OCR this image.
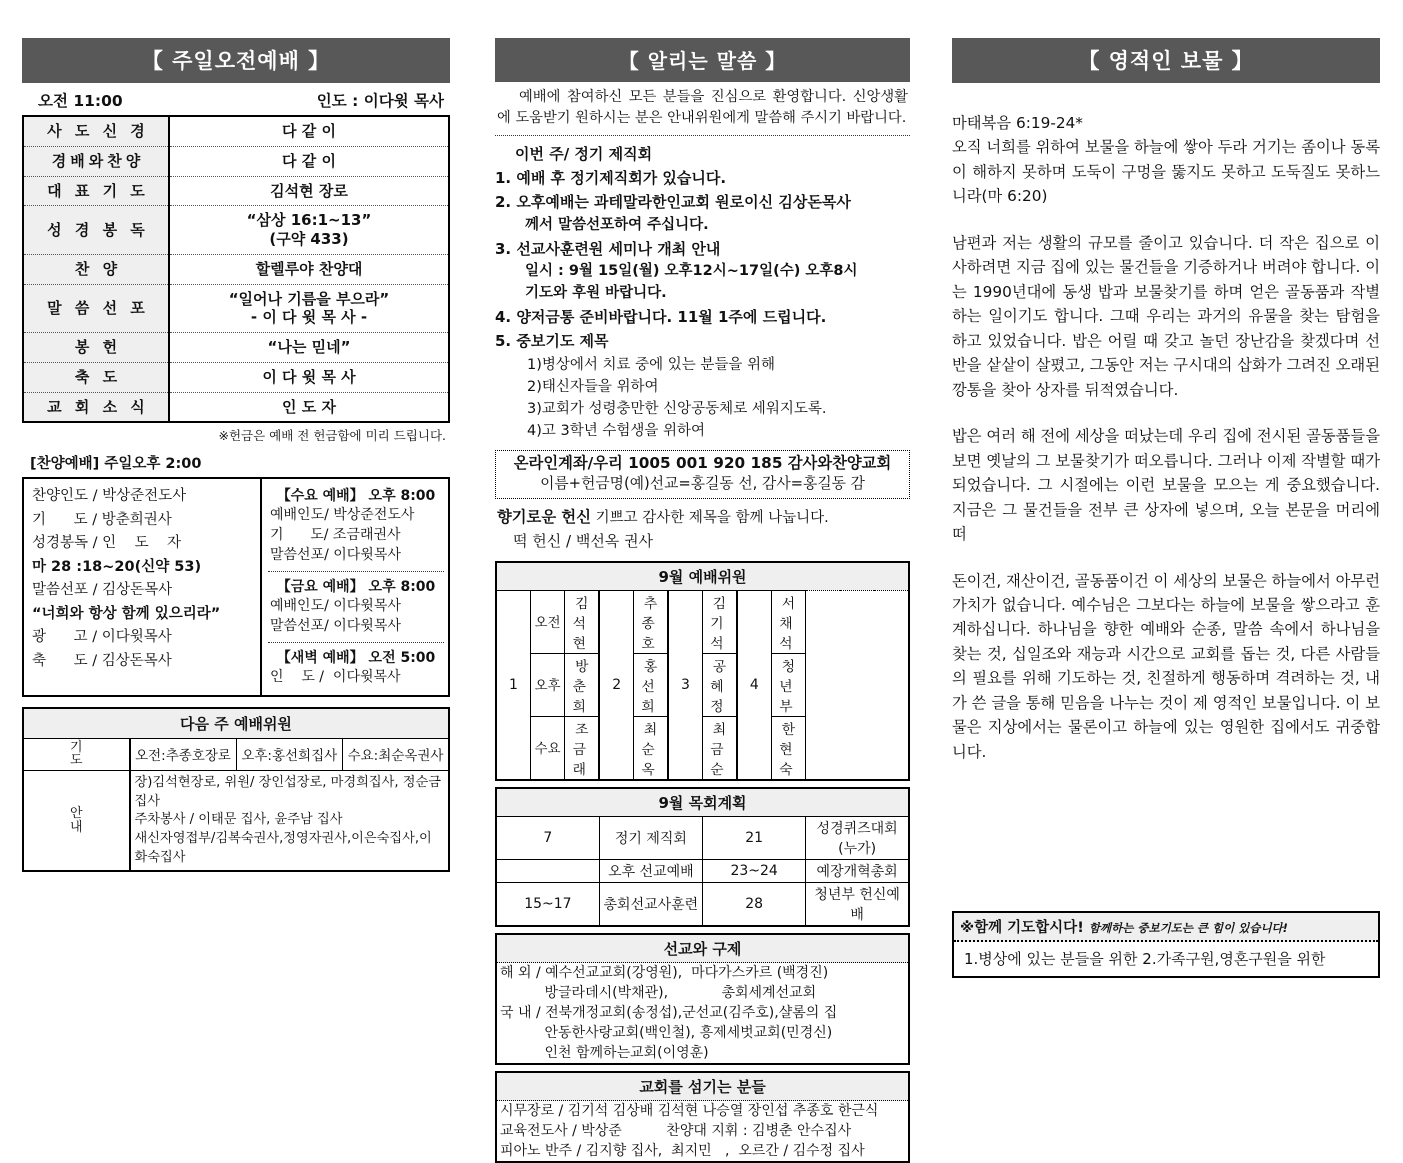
【 주일오전예배 】
오전 11:00	인도 : 이다윗 목사
사 도 신 경	다 같 이
경배와찬양	다 같 이
대 표 기 도	김석현 장로
성 경 봉 독	“삼상 16:1~13”
(구약 433)
찬 양	할렐루야 찬양대
말 씀 선 포	“일어나 기름을 부으라”
- 이 다 윗 목 사 -
봉 헌	“나는 믿네”
축 도	이 다 윗 목 사
교 회 소 식	인 도 자
※헌금은 예배 전 헌금함에 미리 드립니다.
[찬양예배] 주일오후 2:00
찬양인도 / 박상준전도사
기      도 / 방춘희권사
성경봉독 / 인    도    자
마 28 :18~20(신약 53)
말씀선포 / 김상돈목사
“너희와 항상 함께 있으리라”
광      고 / 이다윗목사
축      도 / 김상돈목사
【수요 예배】 오후 8:00
예배인도/ 박상준전도사
기      도/ 조금래권사
말씀선포/ 이다윗목사
【금요 예배】 오후 8:00
예배인도/ 이다윗목사
말씀선포/ 이다윗목사
【새벽 예배】 오전 5:00
인    도 /  이다윗목사
다음 주 예배위원			
기
도	오전:추종호장로	오후:홍선희집사	수요:최순옥권사
안
내	
장)김석현장로, 위원/ 장인섭장로, 마경희집사, 정순금집사
주차봉사 / 이태문 집사, 윤주남 집사
새신자영접부/김복숙권사,정영자권사,이은숙집사,이화숙집사
【 알리는 말씀 】
예배에 참여하신 모든 분들을 진심으로 환영합니다. 신앙생활에 도움받기 원하시는 분은 안내위원에게 말씀해 주시기 바랍니다.
이번 주/ 정기 제직회
1. 예배 후 정기제직회가 있습니다.
2. 오후예배는 과테말라한인교회 원로이신 김상돈목사
께서 말씀선포하여 주십니다.
3. 선교사훈련원 세미나 개최 안내
일시 : 9월 15일(월) 오후12시~17일(수) 오후8시
기도와 후원 바랍니다.
4. 양저금통 준비바랍니다. 11월 1주에 드립니다.
5. 중보기도 제목
1)병상에서 치료 중에 있는 분들을 위해
2)태신자들을 위하여
3)교회가 성령충만한 신앙공동체로 세워지도록.
4)고 3학년 수험생을 위하여
온라인계좌/우리 1005 001 920 185 감사와찬양교회
이름+헌금명(예)선교=홍길동 선, 감사=홍길동 감
향기로운 헌신 기쁘고 감사한 제목을 함께 나눕니다.
떡 헌신 / 백선옥 권사
9월 예배위원								
1	오전	김 석 현	2	추 종 호	3	김 기 석	4	서 채 석
	오후	방 춘 희		홍 선 희		공 혜 정		청 년 부
	수요	조 금 래		최 순 옥		최 금 순		한 현 숙
9월 목회계획			
7	정기 제직회	21	성경퀴즈대회(누가)
	오후 선교예배	23~24	예장개혁총회
15~17	총회선교사훈련	28	청년부 헌신예배
선교와 구제
해 외 / 예수선교교회(강영원),  마다가스카르 (백경진)
방글라데시(박채관),            총회세계선교회
국 내 / 전북개정교회(송정섭),군선교(김주호),샬롬의 집
안동한사랑교회(백인철), 흥제세벗교회(민경신)
인천 함께하는교회(이영훈)
교회를 섬기는 분들
시무장로 / 김기석 김상배 김석현 나승열 장인섭 추종호 한근식
교육전도사 / 박상준          찬양대 지휘 : 김병춘 안수집사
피아노 반주 / 김지향 집사,  최지민   ,  오르간 / 김수정 집사
【 영적인 보물 】
마태복음 6:19-24*
오직 너희를 위하여 보물을 하늘에 쌓아 두라 거기는 좀이나 동록이 해하지 못하며 도둑이 구멍을 뚫지도 못하고 도둑질도 못하느니라(마 6:20)
남편과 저는 생활의 규모를 줄이고 있습니다. 더 작은 집으로 이사하려면 지금 집에 있는 물건들을 기증하거나 버려야 합니다. 이는 1990년대에 동생 밥과 보물찾기를 하며 얻은 골동품과 작별하는 일이기도 합니다. 그때 우리는 과거의 유물을 찾는 탐험을 하고 있었습니다. 밥은 어릴 때 갖고 놀던 장난감을 찾겠다며 선반을 샅샅이 살폈고, 그동안 저는 구시대의 삽화가 그려진 오래된 깡통을 찾아 상자를 뒤적였습니다.
밥은 여러 해 전에 세상을 떠났는데 우리 집에 전시된 골동품들을 보면 옛날의 그 보물찾기가 떠오릅니다. 그러나 이제 작별할 때가 되었습니다. 그 시절에는 이런 보물을 모으는 게 중요했습니다. 지금은 그 물건들을 전부 큰 상자에 넣으며, 오늘 본문을 머리에 떠
돈이건, 재산이건, 골동품이건 이 세상의 보물은 하늘에서 아무런 가치가 없습니다. 예수님은 그보다는 하늘에 보물을 쌓으라고 훈계하십니다. 하나님을 향한 예배와 순종, 말씀 속에서 하나님을 찾는 것, 십일조와 재능과 시간으로 교회를 돕는 것, 다른 사람들의 필요를 위해 기도하는 것, 친절하게 행동하며 격려하는 것, 내가 쓴 글을 통해 믿음을 나누는 것이 제 영적인 보물입니다. 이 보물은 지상에서는 물론이고 하늘에 있는 영원한 집에서도 귀중합니다.
※함께 기도합시다! 함께하는 중보기도는 큰 힘이 있습니다!
1.병상에 있는 분들을 위한 2.가족구원,영혼구원을 위한
